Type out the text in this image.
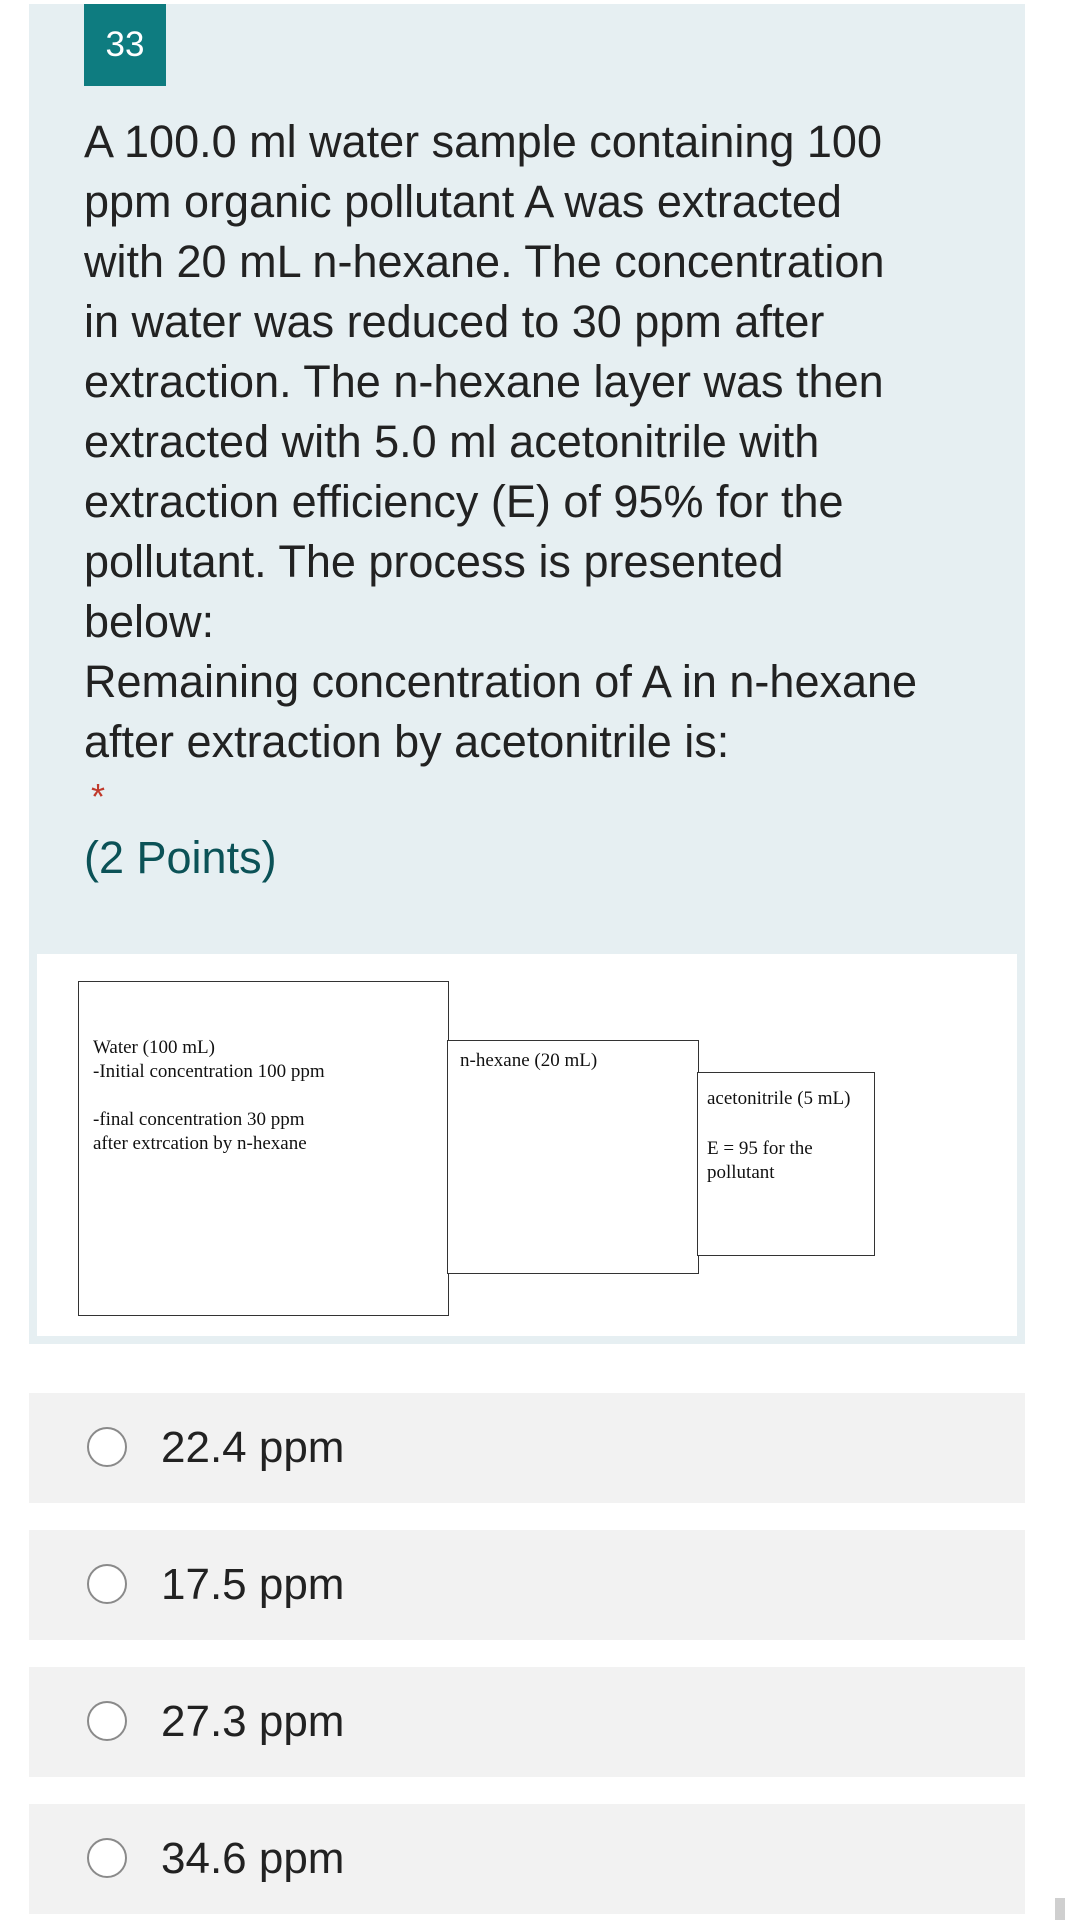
33

A 100.0 ml water sample containing 100

ppm organic pollutant A was extracted

with 20 mL n-hexane. The concentration

in water was reduced to 30 ppm after

extraction. The n-hexane layer was then

extracted with 5.0 ml acetonitrile with

extraction efficiency (E) of 95% for the

pollutant. The process is presented

below:

Remaining concentration of A in n-hexane

after extraction by acetonitrile is:

*
(2 Points)
Water (100 mL)
-Initial concentration 100 ppm
-final concentration 30 ppm
after extrcation by n-hexane
n-hexane (20 mL)
acetonitrile (5 mL)
E = 95 for the
pollutant
22.4 ppm
17.5 ppm
27.3 ppm
34.6 ppm
